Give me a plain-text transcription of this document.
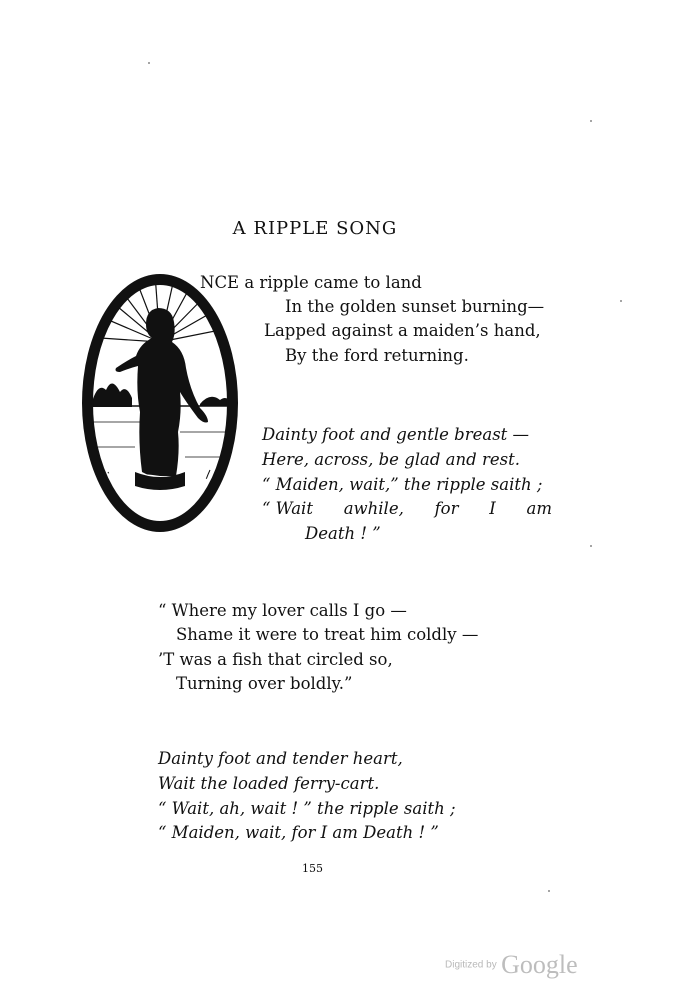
A RIPPLE SONG
NCE a ripple came to land
In the golden sunset burning—
Lapped against a maiden’s hand,
By the ford returning.
Dainty foot and gentle breast —
Here, across, be glad and rest.
“ Maiden, wait,” the ripple saith ;
“ Wait awhile, for I am
Death ! ”
“ Where my lover calls I go —
Shame it were to treat him coldly —
’T was a fish that circled so,
Turning over boldly.”
Dainty foot and tender heart,
Wait the loaded ferry-cart.
“ Wait, ah, wait ! ” the ripple saith ;
“ Maiden, wait, for I am Death ! ”
155
Digitized by Google
